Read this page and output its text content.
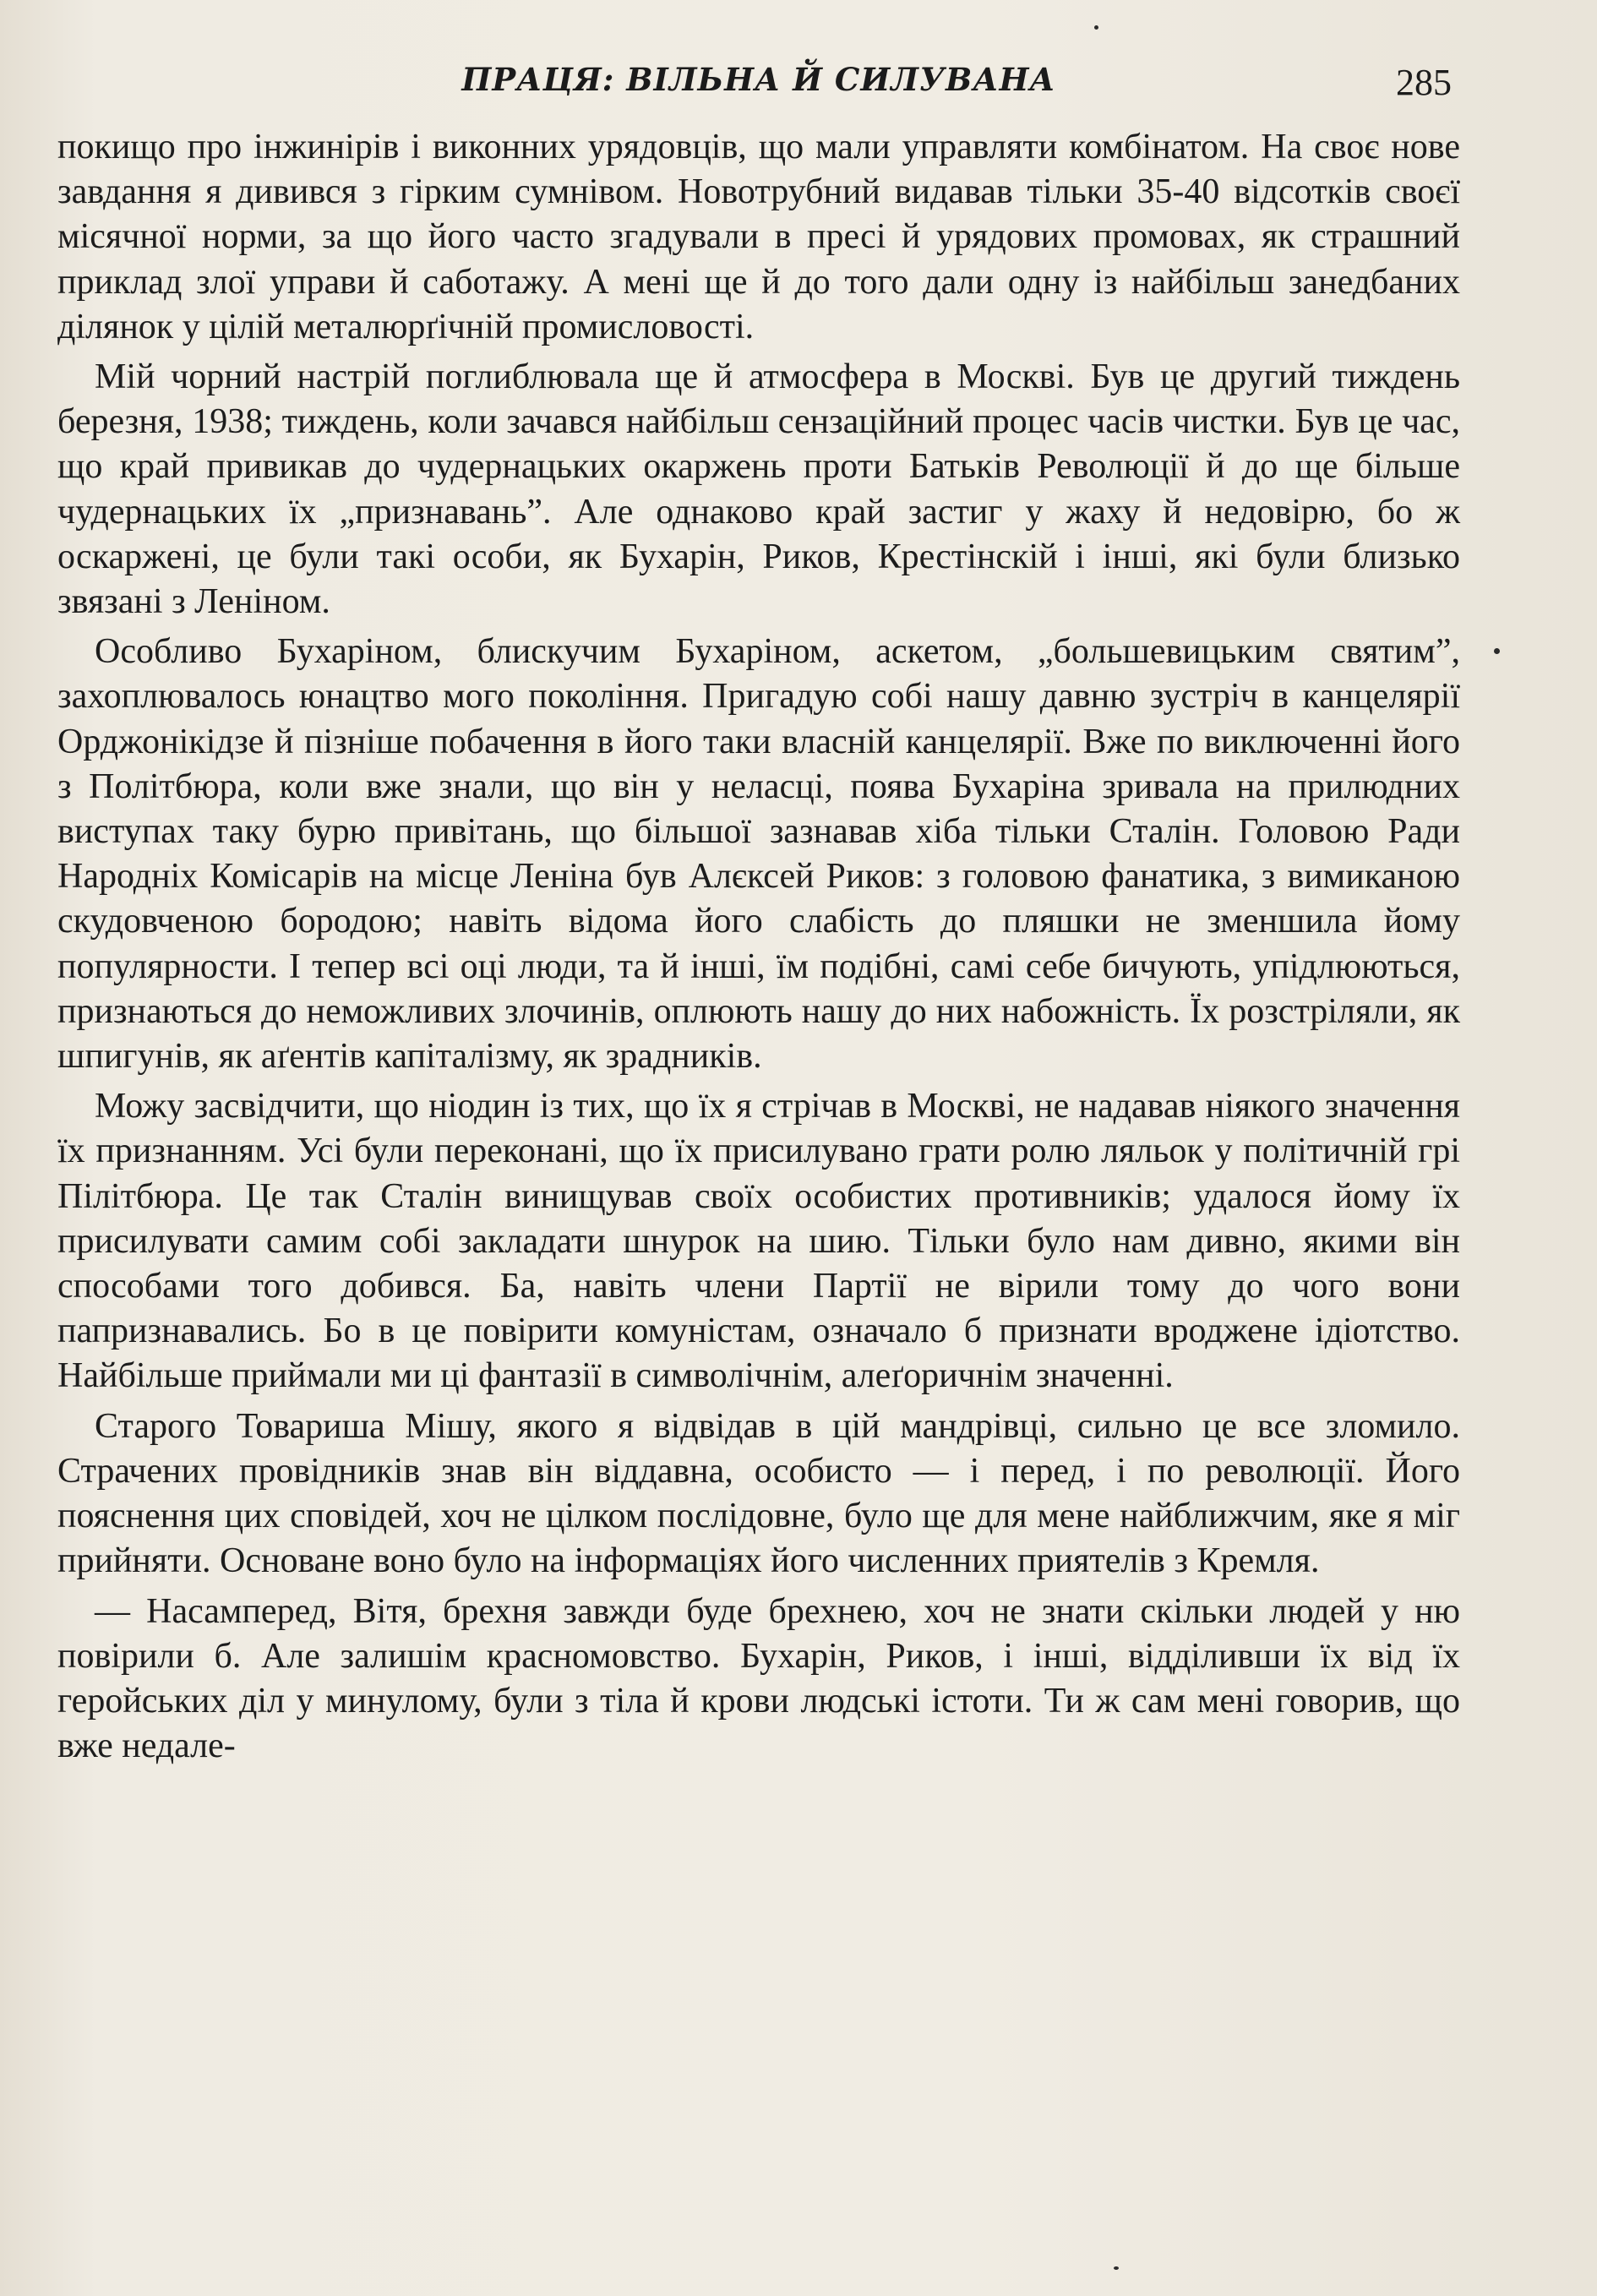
ПРАЦЯ: ВІЛЬНА Й СИЛУВАНА	285

покищо про інжинірів і виконних урядовців, що мали управляти комбінатом. На своє нове завдання я дивився з гірким сумнівом. Новотрубний видавав тільки 35-40 відсотків своєї місячної норми, за що його часто згадували в пресі й урядових промовах, як страшний приклад злої управи й саботажу. А мені ще й до того дали одну із найбільш занедбаних ділянок у цілій металюрґічній промисловості.

Мій чорний настрій поглиблювала ще й атмосфера в Москві. Був це другий тиждень березня, 1938; тиждень, коли зачався найбільш сензаційний процес часів чистки. Був це час, що край привикав до чудернацьких окаржень проти Батьків Революції й до ще більше чудернацьких їх „признавань”. Але однаково край застиг у жаху й недовірю, бо ж оскаржені, це були такі особи, як Бухарін, Риков, Крестінскій і інші, які були близько звязані з Леніном.

Особливо Бухаріном, блискучим Бухаріном, аскетом, „большевицьким святим”, захоплювалось юнацтво мого покоління. Пригадую собі нашу давню зустріч в канцелярії Орджонікідзе й пізніше побачення в його таки власній канцелярії. Вже по виключенні його з Політбюра, коли вже знали, що він у неласці, поява Бухаріна зривала на прилюдних виступах таку бурю привітань, що більшої зазнавав хіба тільки Сталін. Головою Ради Народніх Комісарів на місце Леніна був Алєксей Риков: з головою фанатика, з вимиканою скудовченою бородою; навіть відома його слабість до пляшки не зменшила йому популярности. І тепер всі оці люди, та й інші, їм подібні, самі себе бичують, упідлюються, признаються до неможливих злочинів, оплюють нашу до них набожність. Їх розстріляли, як шпигунів, як аґентів капіталізму, як зрадників.

Можу засвідчити, що ніодин із тих, що їх я стрічав в Москві, не надавав ніякого значення їх признанням. Усі були переконані, що їх присилувано грати ролю ляльок у політичній грі Пілітбюра. Це так Сталін винищував своїх особистих противників; удалося йому їх присилувати самим собі закладати шнурок на шию. Тільки було нам дивно, якими він способами того добився. Ба, навіть члени Партії не вірили тому до чого вони папризнавались. Бо в це повірити комуністам, означало б признати вроджене ідіотство. Найбільше приймали ми ці фантазії в символічнім, алеґоричнім значенні.

Старого Товариша Мішу, якого я відвідав в цій мандрівці, сильно це все зломило. Страчених провідників знав він віддавна, особисто — і перед, і по революції. Його пояснення цих сповідей, хоч не цілком послідовне, було ще для мене найближчим, яке я міг прийняти. Основане воно було на інформаціях його численних приятелів з Кремля.

— Насамперед, Вітя, брехня завжди буде брехнею, хоч не знати скільки людей у ню повірили б. Але залишім красномовство. Бухарін, Риков, і інші, відділивши їх від їх геройських діл у минулому, були з тіла й крови людські істоти. Ти ж сам мені говорив, що вже недале-
